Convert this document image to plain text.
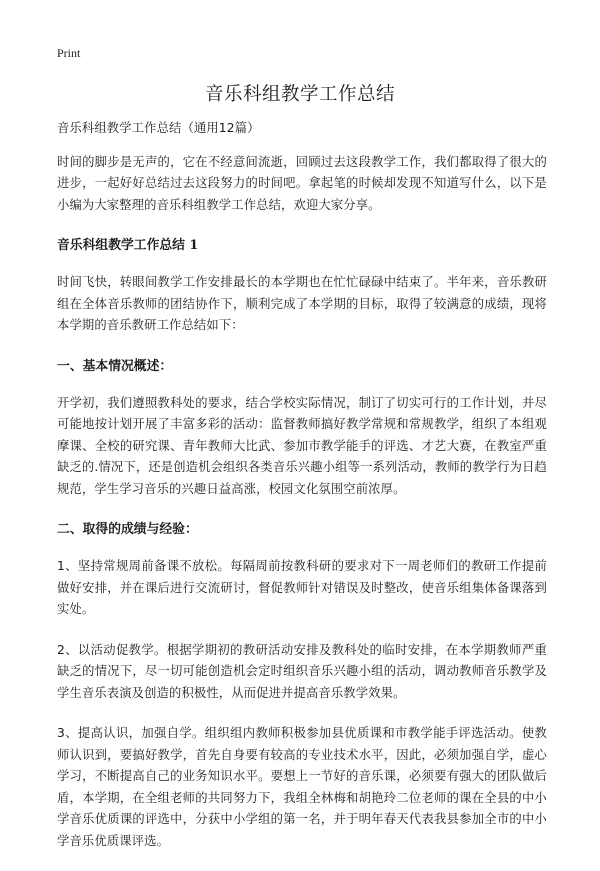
Print
音乐科组教学工作总结

音乐科组教学工作总结（通用12篇）

时间的脚步是无声的，它在不经意间流逝，回顾过去这段教学工作，我们都取得了很大的进步，一起好好总结过去这段努力的时间吧。拿起笔的时候却发现不知道写什么，以下是小编为大家整理的音乐科组教学工作总结，欢迎大家分享。

音乐科组教学工作总结 1

时间飞快，转眼间教学工作安排最长的本学期也在忙忙碌碌中结束了。半年来，音乐教研组在全体音乐教师的团结协作下，顺利完成了本学期的目标，取得了较满意的成绩，现将本学期的音乐教研工作总结如下：

一、基本情况概述：

开学初，我们遵照教科处的要求，结合学校实际情况，制订了切实可行的工作计划，并尽可能地按计划开展了丰富多彩的活动：监督教师搞好教学常规和常规教学，组织了本组观摩课、全校的研究课、青年教师大比武、参加市教学能手的评选、才艺大赛，在教室严重缺乏的.情况下，还是创造机会组织各类音乐兴趣小组等一系列活动，教师的教学行为日趋规范，学生学习音乐的兴趣日益高涨，校园文化氛围空前浓厚。

二、取得的成绩与经验：

1、坚持常规周前备课不放松。每隔周前按教科研的要求对下一周老师们的教研工作提前做好安排，并在课后进行交流研讨，督促教师针对错误及时整改，使音乐组集体备课落到实处。

2、以活动促教学。根据学期初的教研活动安排及教科处的临时安排，在本学期教师严重缺乏的情况下，尽一切可能创造机会定时组织音乐兴趣小组的活动，调动教师音乐教学及学生音乐表演及创造的积极性，从而促进并提高音乐教学效果。

3、提高认识，加强自学。组织组内教师积极参加县优质课和市教学能手评选活动。使教师认识到，要搞好教学，首先自身要有较高的专业技术水平，因此，必须加强自学，虚心学习，不断提高自己的业务知识水平。要想上一节好的音乐课，必须要有强大的团队做后盾，本学期，在全组老师的共同努力下，我组全林梅和胡艳玲二位老师的课在全县的中小学音乐优质课的评选中，分获中小学组的第一名，并于明年春天代表我县参加全市的中小学音乐优质课评选。
